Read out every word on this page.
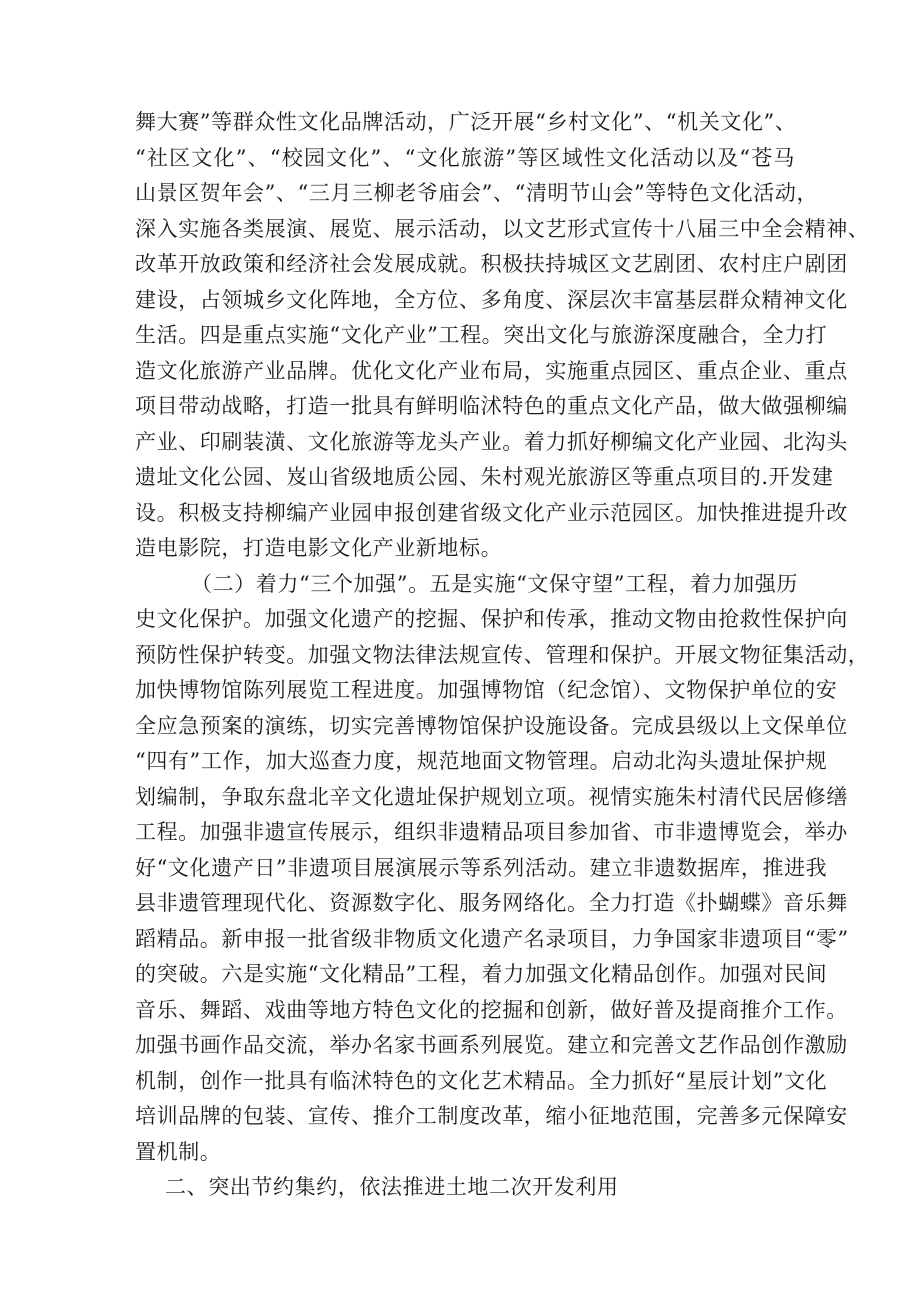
舞大赛”等群众性文化品牌活动，广泛开展“乡村文化”、“机关文化”、
“社区文化”、“校园文化”、“文化旅游”等区域性文化活动以及“苍马
山景区贺年会”、“三月三柳老爷庙会”、“清明节山会”等特色文化活动，
深入实施各类展演、展览、展示活动，以文艺形式宣传十八届三中全会精神、
改革开放政策和经济社会发展成就。积极扶持城区文艺剧团、农村庄户剧团
建设，占领城乡文化阵地，全方位、多角度、深层次丰富基层群众精神文化
生活。四是重点实施“文化产业”工程。突出文化与旅游深度融合，全力打
造文化旅游产业品牌。优化文化产业布局，实施重点园区、重点企业、重点
项目带动战略，打造一批具有鲜明临沭特色的重点文化产品，做大做强柳编
产业、印刷装潢、文化旅游等龙头产业。着力抓好柳编文化产业园、北沟头
遗址文化公园、岌山省级地质公园、朱村观光旅游区等重点项目的.开发建
设。积极支持柳编产业园申报创建省级文化产业示范园区。加快推进提升改
造电影院，打造电影文化产业新地标。
（二）着力“三个加强”。五是实施“文保守望”工程，着力加强历
史文化保护。加强文化遗产的挖掘、保护和传承，推动文物由抢救性保护向
预防性保护转变。加强文物法律法规宣传、管理和保护。开展文物征集活动，
加快博物馆陈列展览工程进度。加强博物馆（纪念馆）、文物保护单位的安
全应急预案的演练，切实完善博物馆保护设施设备。完成县级以上文保单位
“四有”工作，加大巡查力度，规范地面文物管理。启动北沟头遗址保护规
划编制，争取东盘北辛文化遗址保护规划立项。视情实施朱村清代民居修缮
工程。加强非遗宣传展示，组织非遗精品项目参加省、市非遗博览会，举办
好“文化遗产日”非遗项目展演展示等系列活动。建立非遗数据库，推进我
县非遗管理现代化、资源数字化、服务网络化。全力打造《扑蝴蝶》音乐舞
蹈精品。新申报一批省级非物质文化遗产名录项目，力争国家非遗项目“零”
的突破。六是实施“文化精品”工程，着力加强文化精品创作。加强对民间
音乐、舞蹈、戏曲等地方特色文化的挖掘和创新，做好普及提商推介工作。
加强书画作品交流，举办名家书画系列展览。建立和完善文艺作品创作激励
机制，创作一批具有临沭特色的文化艺术精品。全力抓好“星辰计划”文化
培训品牌的包装、宣传、推介工制度改革，缩小征地范围，完善多元保障安
置机制。
二、突出节约集约，依法推进土地二次开发利用
